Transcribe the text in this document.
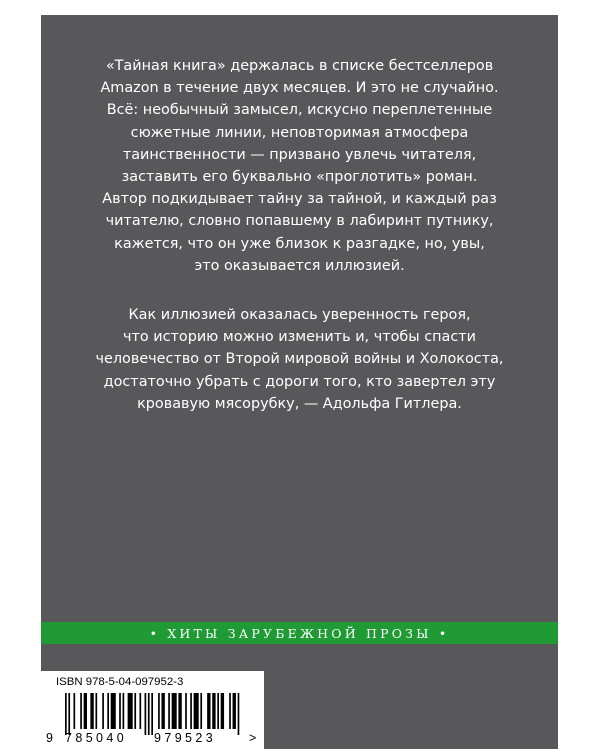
«Тайная книга» держалась в списке бестселлеров
Amazon в течение двух месяцев. И это не случайно.
Всё: необычный замысел, искусно переплетенные
сюжетные линии, неповторимая атмосфера
таинственности — призвано увлечь читателя,
заставить его буквально «проглотить» роман.
Автор подкидывает тайну за тайной, и каждый раз
читателю, словно попавшему в лабиринт путнику,
кажется, что он уже близок к разгадке, но, увы,
это оказывается иллюзией.
Как иллюзией оказалась уверенность героя,
что историю можно изменить и, чтобы спасти
человечество от Второй мировой войны и Холокоста,
достаточно убрать с дороги того, кто завертел эту
кровавую мясорубку, — Адольфа Гитлера.
• ХИТЫ ЗАРУБЕЖНОЙ ПРОЗЫ •
ISBN 978-5-04-097952-3
9 785040 979523	>
